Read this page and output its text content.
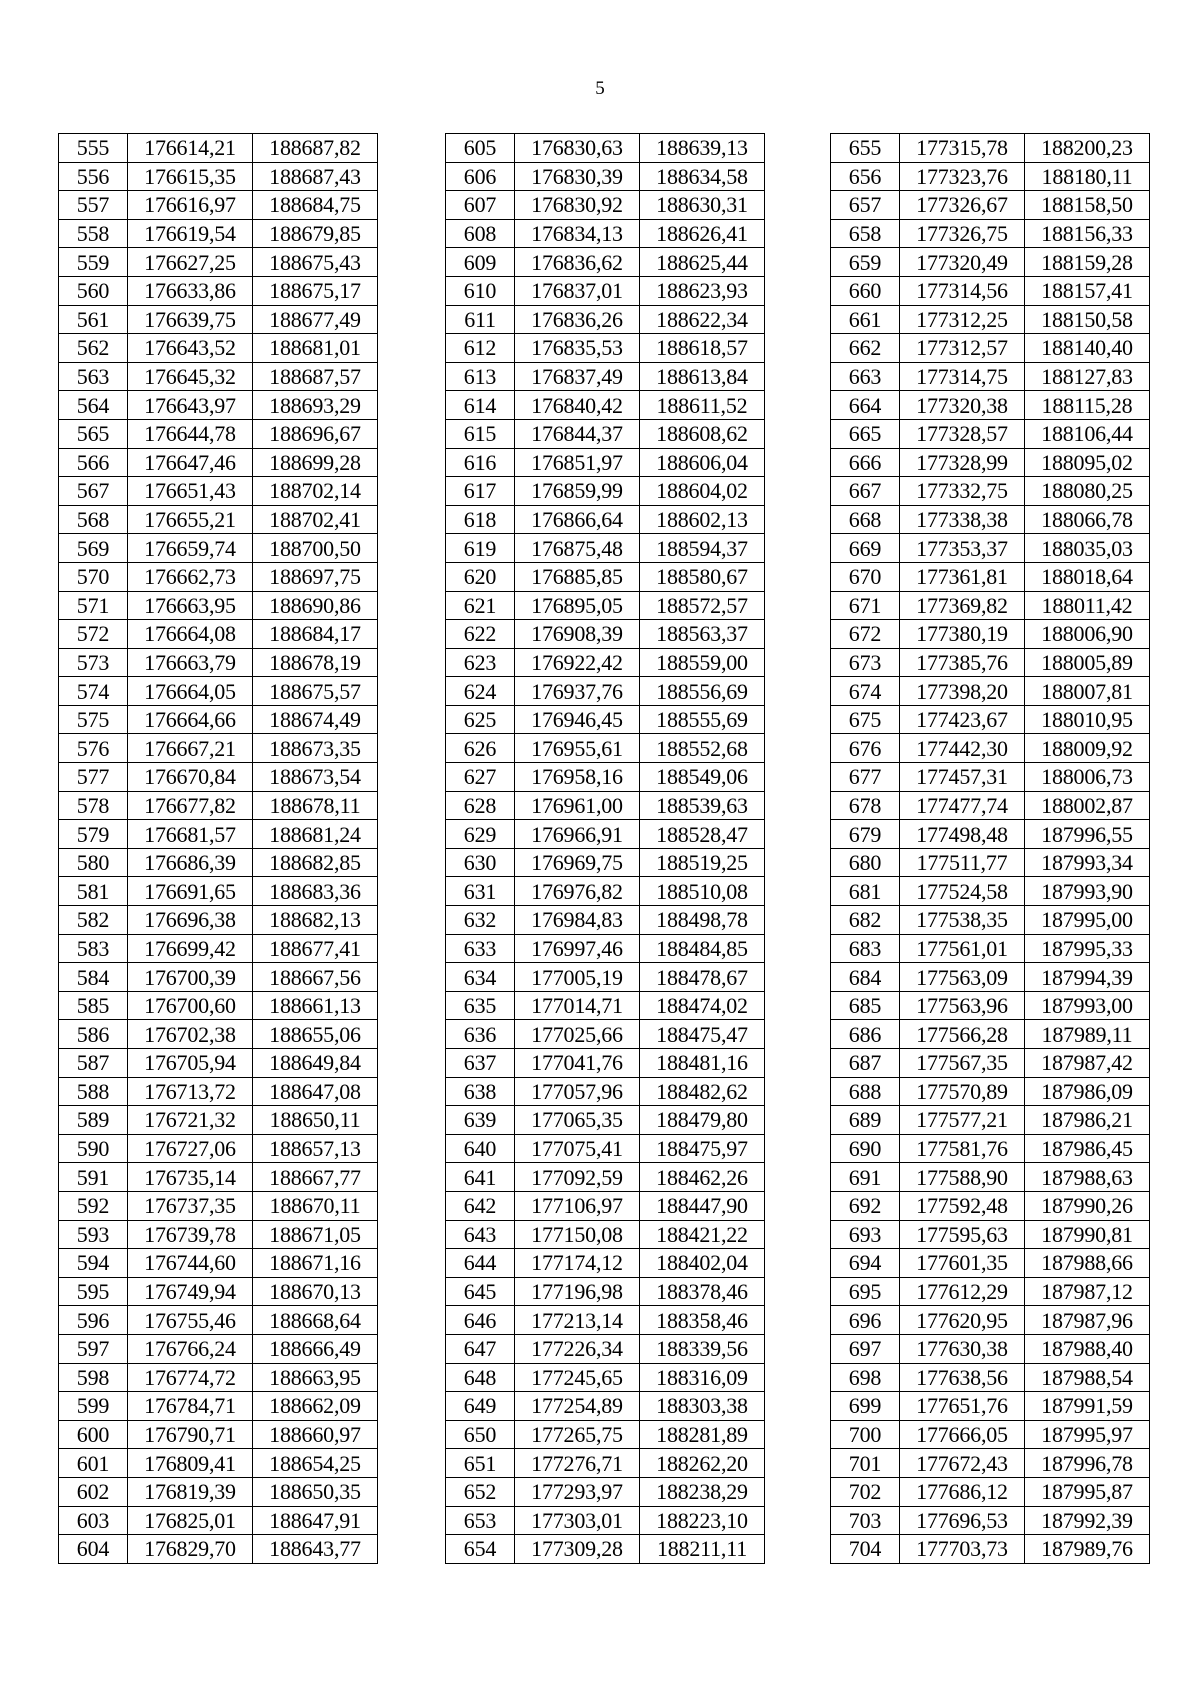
5
555	176614,21	188687,82
556	176615,35	188687,43
557	176616,97	188684,75
558	176619,54	188679,85
559	176627,25	188675,43
560	176633,86	188675,17
561	176639,75	188677,49
562	176643,52	188681,01
563	176645,32	188687,57
564	176643,97	188693,29
565	176644,78	188696,67
566	176647,46	188699,28
567	176651,43	188702,14
568	176655,21	188702,41
569	176659,74	188700,50
570	176662,73	188697,75
571	176663,95	188690,86
572	176664,08	188684,17
573	176663,79	188678,19
574	176664,05	188675,57
575	176664,66	188674,49
576	176667,21	188673,35
577	176670,84	188673,54
578	176677,82	188678,11
579	176681,57	188681,24
580	176686,39	188682,85
581	176691,65	188683,36
582	176696,38	188682,13
583	176699,42	188677,41
584	176700,39	188667,56
585	176700,60	188661,13
586	176702,38	188655,06
587	176705,94	188649,84
588	176713,72	188647,08
589	176721,32	188650,11
590	176727,06	188657,13
591	176735,14	188667,77
592	176737,35	188670,11
593	176739,78	188671,05
594	176744,60	188671,16
595	176749,94	188670,13
596	176755,46	188668,64
597	176766,24	188666,49
598	176774,72	188663,95
599	176784,71	188662,09
600	176790,71	188660,97
601	176809,41	188654,25
602	176819,39	188650,35
603	176825,01	188647,91
604	176829,70	188643,77
605	176830,63	188639,13
606	176830,39	188634,58
607	176830,92	188630,31
608	176834,13	188626,41
609	176836,62	188625,44
610	176837,01	188623,93
611	176836,26	188622,34
612	176835,53	188618,57
613	176837,49	188613,84
614	176840,42	188611,52
615	176844,37	188608,62
616	176851,97	188606,04
617	176859,99	188604,02
618	176866,64	188602,13
619	176875,48	188594,37
620	176885,85	188580,67
621	176895,05	188572,57
622	176908,39	188563,37
623	176922,42	188559,00
624	176937,76	188556,69
625	176946,45	188555,69
626	176955,61	188552,68
627	176958,16	188549,06
628	176961,00	188539,63
629	176966,91	188528,47
630	176969,75	188519,25
631	176976,82	188510,08
632	176984,83	188498,78
633	176997,46	188484,85
634	177005,19	188478,67
635	177014,71	188474,02
636	177025,66	188475,47
637	177041,76	188481,16
638	177057,96	188482,62
639	177065,35	188479,80
640	177075,41	188475,97
641	177092,59	188462,26
642	177106,97	188447,90
643	177150,08	188421,22
644	177174,12	188402,04
645	177196,98	188378,46
646	177213,14	188358,46
647	177226,34	188339,56
648	177245,65	188316,09
649	177254,89	188303,38
650	177265,75	188281,89
651	177276,71	188262,20
652	177293,97	188238,29
653	177303,01	188223,10
654	177309,28	188211,11
655	177315,78	188200,23
656	177323,76	188180,11
657	177326,67	188158,50
658	177326,75	188156,33
659	177320,49	188159,28
660	177314,56	188157,41
661	177312,25	188150,58
662	177312,57	188140,40
663	177314,75	188127,83
664	177320,38	188115,28
665	177328,57	188106,44
666	177328,99	188095,02
667	177332,75	188080,25
668	177338,38	188066,78
669	177353,37	188035,03
670	177361,81	188018,64
671	177369,82	188011,42
672	177380,19	188006,90
673	177385,76	188005,89
674	177398,20	188007,81
675	177423,67	188010,95
676	177442,30	188009,92
677	177457,31	188006,73
678	177477,74	188002,87
679	177498,48	187996,55
680	177511,77	187993,34
681	177524,58	187993,90
682	177538,35	187995,00
683	177561,01	187995,33
684	177563,09	187994,39
685	177563,96	187993,00
686	177566,28	187989,11
687	177567,35	187987,42
688	177570,89	187986,09
689	177577,21	187986,21
690	177581,76	187986,45
691	177588,90	187988,63
692	177592,48	187990,26
693	177595,63	187990,81
694	177601,35	187988,66
695	177612,29	187987,12
696	177620,95	187987,96
697	177630,38	187988,40
698	177638,56	187988,54
699	177651,76	187991,59
700	177666,05	187995,97
701	177672,43	187996,78
702	177686,12	187995,87
703	177696,53	187992,39
704	177703,73	187989,76
